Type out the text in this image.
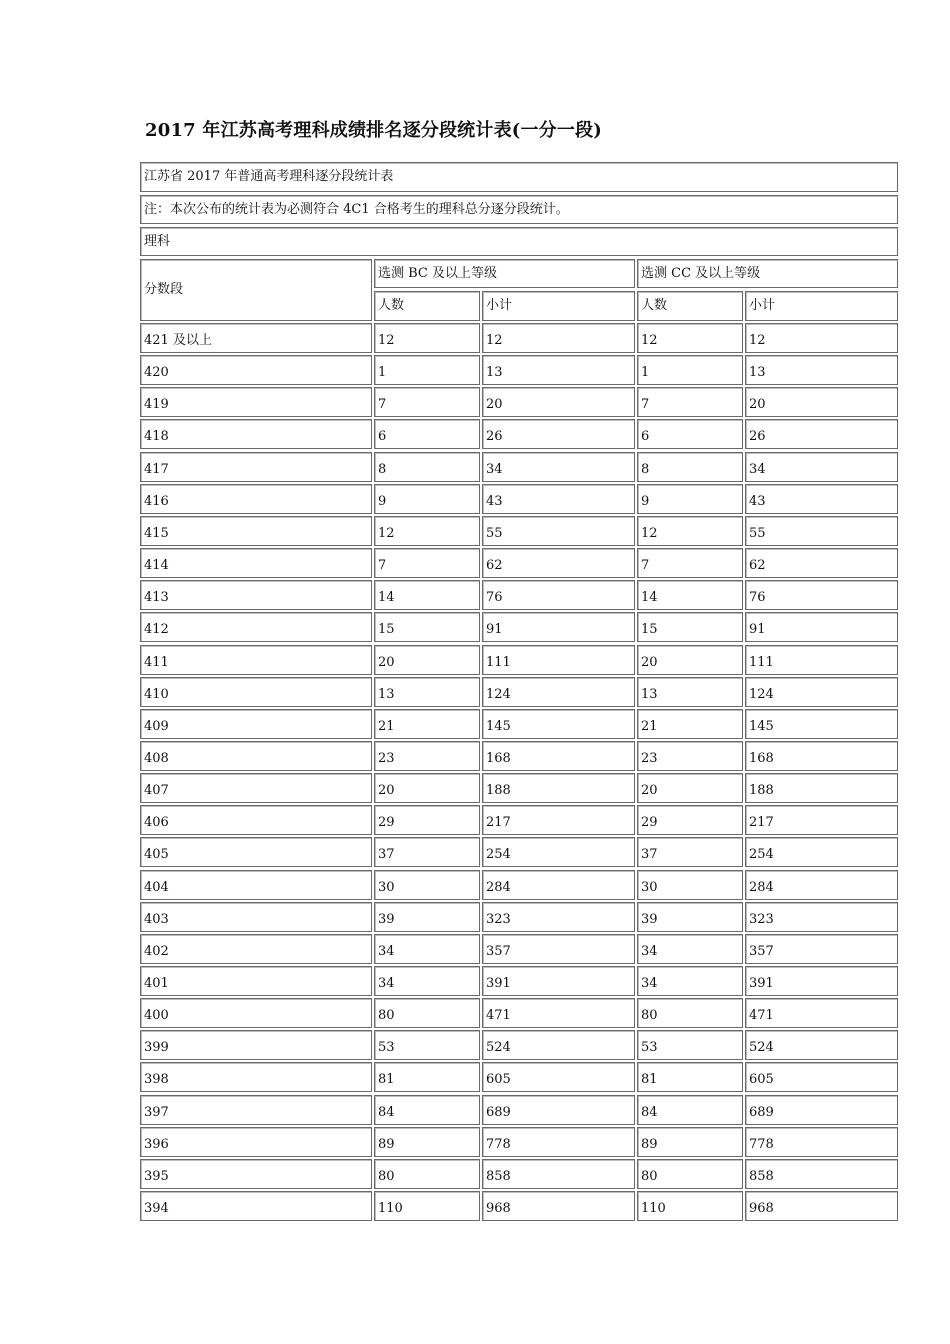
2017 年江苏高考理科成绩排名逐分段统计表(一分一段)
江苏省 2017 年普通高考理科逐分段统计表
注：本次公布的统计表为必测符合 4C1 合格考生的理科总分逐分段统计。
理科
分数段
选测 BC 及以上等级	选测 CC 及以上等级
人数	小计	人数	小计
421 及以上	12	12	12	12
420	1	13	1	13
419	7	20	7	20
418	6	26	6	26
417	8	34	8	34
416	9	43	9	43
415	12	55	12	55
414	7	62	7	62
413	14	76	14	76
412	15	91	15	91
411	20	111	20	111
410	13	124	13	124
409	21	145	21	145
408	23	168	23	168
407	20	188	20	188
406	29	217	29	217
405	37	254	37	254
404	30	284	30	284
403	39	323	39	323
402	34	357	34	357
401	34	391	34	391
400	80	471	80	471
399	53	524	53	524
398	81	605	81	605
397	84	689	84	689
396	89	778	89	778
395	80	858	80	858
394	110	968	110	968
